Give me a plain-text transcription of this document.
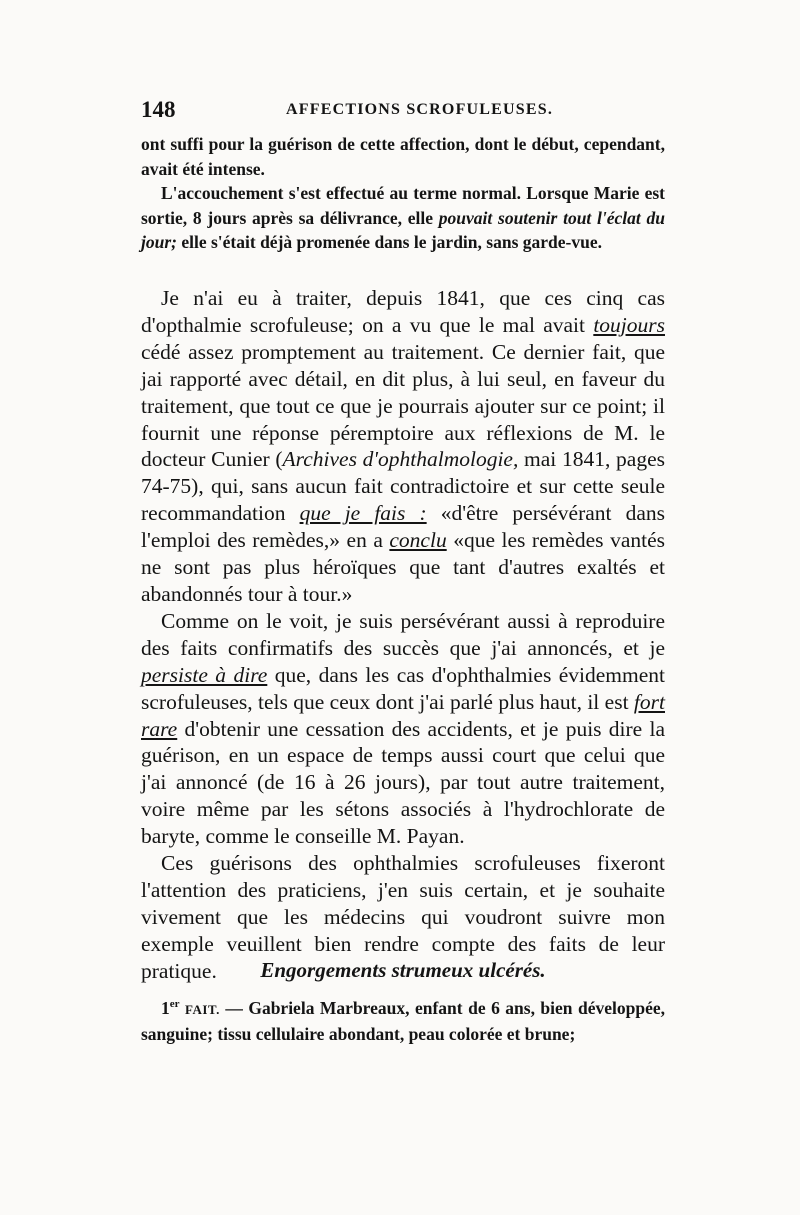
148	AFFECTIONS SCROFULEUSES.

ont suffi pour la guérison de cette affection, dont le début, cependant, avait été intense.

L'accouchement s'est effectué au terme normal. Lorsque Marie est sortie, 8 jours après sa délivrance, elle pouvait soutenir tout l'éclat du jour; elle s'était déjà promenée dans le jardin, sans garde-vue.

Je n'ai eu à traiter, depuis 1841, que ces cinq cas d'opthalmie scrofuleuse; on a vu que le mal avait toujours cédé assez promptement au traitement. Ce dernier fait, que jai rapporté avec détail, en dit plus, à lui seul, en faveur du traitement, que tout ce que je pourrais ajouter sur ce point; il fournit une réponse péremptoire aux réflexions de M. le docteur Cunier (Archives d'ophthalmologie, mai 1841, pages 74-75), qui, sans aucun fait contradictoire et sur cette seule recommandation que je fais : «d'être persévérant dans l'emploi des remèdes,» en a conclu «que les remèdes vantés ne sont pas plus héroïques que tant d'autres exaltés et abandonnés tour à tour.»

Comme on le voit, je suis persévérant aussi à reproduire des faits confirmatifs des succès que j'ai annoncés, et je persiste à dire que, dans les cas d'ophthalmies évidemment scrofuleuses, tels que ceux dont j'ai parlé plus haut, il est fort rare d'obtenir une cessation des accidents, et je puis dire la guérison, en un espace de temps aussi court que celui que j'ai annoncé (de 16 à 26 jours), par tout autre traitement, voire même par les sétons associés à l'hydrochlorate de baryte, comme le conseille M. Payan.

Ces guérisons des ophthalmies scrofuleuses fixeront l'attention des praticiens, j'en suis certain, et je souhaite vivement que les médecins qui voudront suivre mon exemple veuillent bien rendre compte des faits de leur pratique.	Engorgements strumeux ulcérés.

1er FAIT. — Gabriela Marbreaux, enfant de 6 ans, bien développée, sanguine; tissu cellulaire abondant, peau colorée et brune;
